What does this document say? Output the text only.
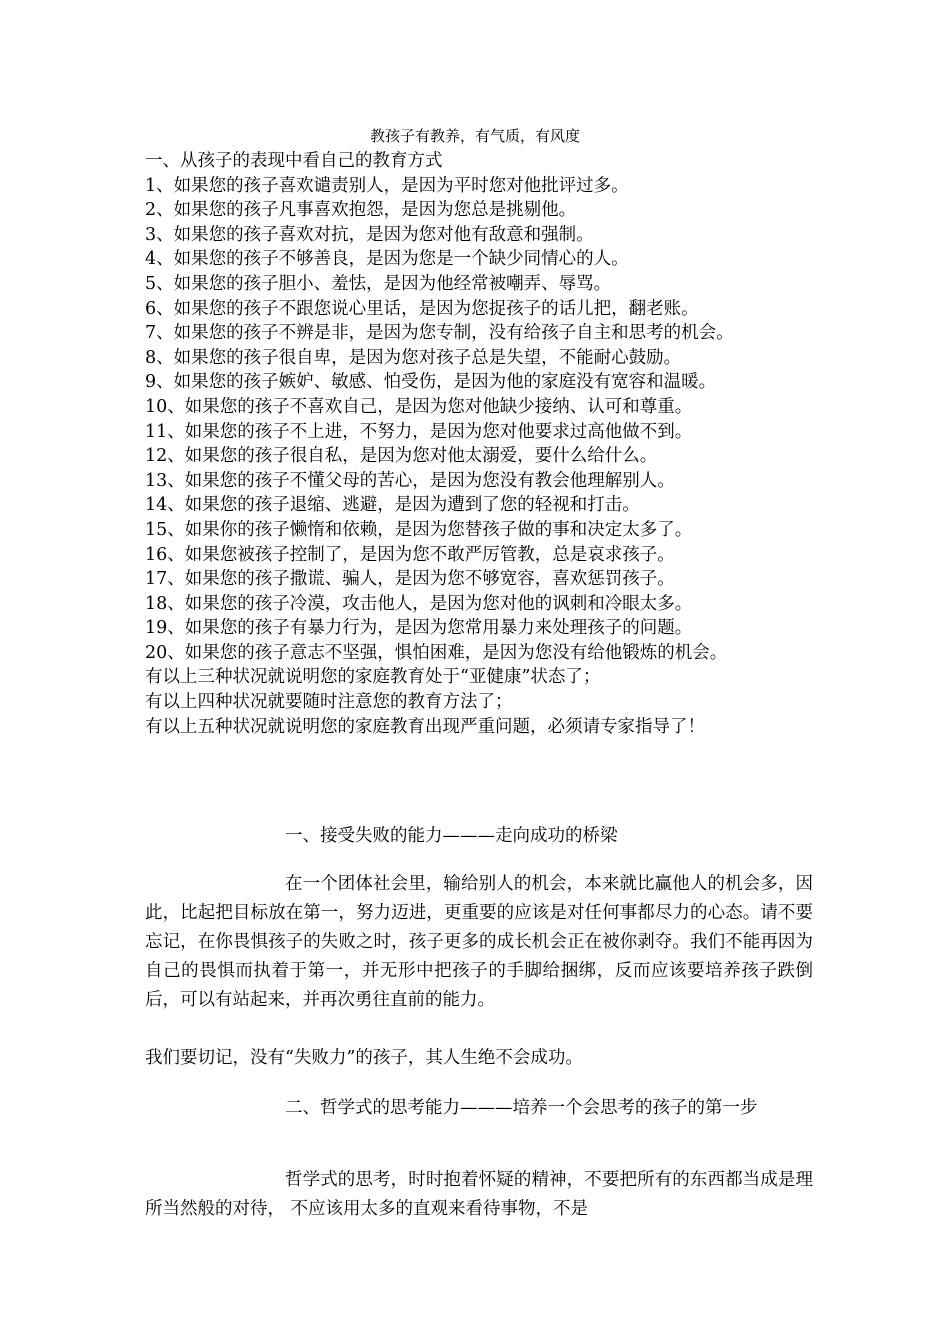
教孩子有教养，有气质，有风度
一、从孩子的表现中看自己的教育方式
1、如果您的孩子喜欢谴责别人，是因为平时您对他批评过多。
2、如果您的孩子凡事喜欢抱怨，是因为您总是挑剔他。
3、如果您的孩子喜欢对抗，是因为您对他有敌意和强制。
4、如果您的孩子不够善良，是因为您是一个缺少同情心的人。
5、如果您的孩子胆小、羞怯，是因为他经常被嘲弄、辱骂。
6、如果您的孩子不跟您说心里话，是因为您捉孩子的话儿把，翻老账。
7、如果您的孩子不辨是非，是因为您专制，没有给孩子自主和思考的机会。
8、如果您的孩子很自卑，是因为您对孩子总是失望，不能耐心鼓励。
9、如果您的孩子嫉妒、敏感、怕受伤，是因为他的家庭没有宽容和温暖。
10、如果您的孩子不喜欢自己，是因为您对他缺少接纳、认可和尊重。
11、如果您的孩子不上进，不努力，是因为您对他要求过高他做不到。
12、如果您的孩子很自私，是因为您对他太溺爱，要什么给什么。
13、如果您的孩子不懂父母的苦心，是因为您没有教会他理解别人。
14、如果您的孩子退缩、逃避，是因为遭到了您的轻视和打击。
15、如果你的孩子懒惰和依赖，是因为您替孩子做的事和决定太多了。
16、如果您被孩子控制了，是因为您不敢严厉管教，总是哀求孩子。
17、如果您的孩子撒谎、骗人，是因为您不够宽容，喜欢惩罚孩子。
18、如果您的孩子冷漠，攻击他人，是因为您对他的讽刺和冷眼太多。
19、如果您的孩子有暴力行为，是因为您常用暴力来处理孩子的问题。
20、如果您的孩子意志不坚强，惧怕困难，是因为您没有给他锻炼的机会。
有以上三种状况就说明您的家庭教育处于“亚健康”状态了；
有以上四种状况就要随时注意您的教育方法了；
有以上五种状况就说明您的家庭教育出现严重问题，必须请专家指导了！
一、接受失败的能力———走向成功的桥梁
在一个团体社会里，输给别人的机会，本来就比赢他人的机会多，因此，比起把目标放在第一，努力迈进，更重要的应该是对任何事都尽力的心态。请不要忘记，在你畏惧孩子的失败之时，孩子更多的成长机会正在被你剥夺。我们不能再因为自己的畏惧而执着于第一，并无形中把孩子的手脚给捆绑，反而应该要培养孩子跌倒后，可以有站起来，并再次勇往直前的能力。
我们要切记，没有“失败力”的孩子，其人生绝不会成功。
二、哲学式的思考能力———培养一个会思考的孩子的第一步
哲学式的思考，时时抱着怀疑的精神，不要把所有的东西都当成是理所当然般的对待， 不应该用太多的直观来看待事物，不是
